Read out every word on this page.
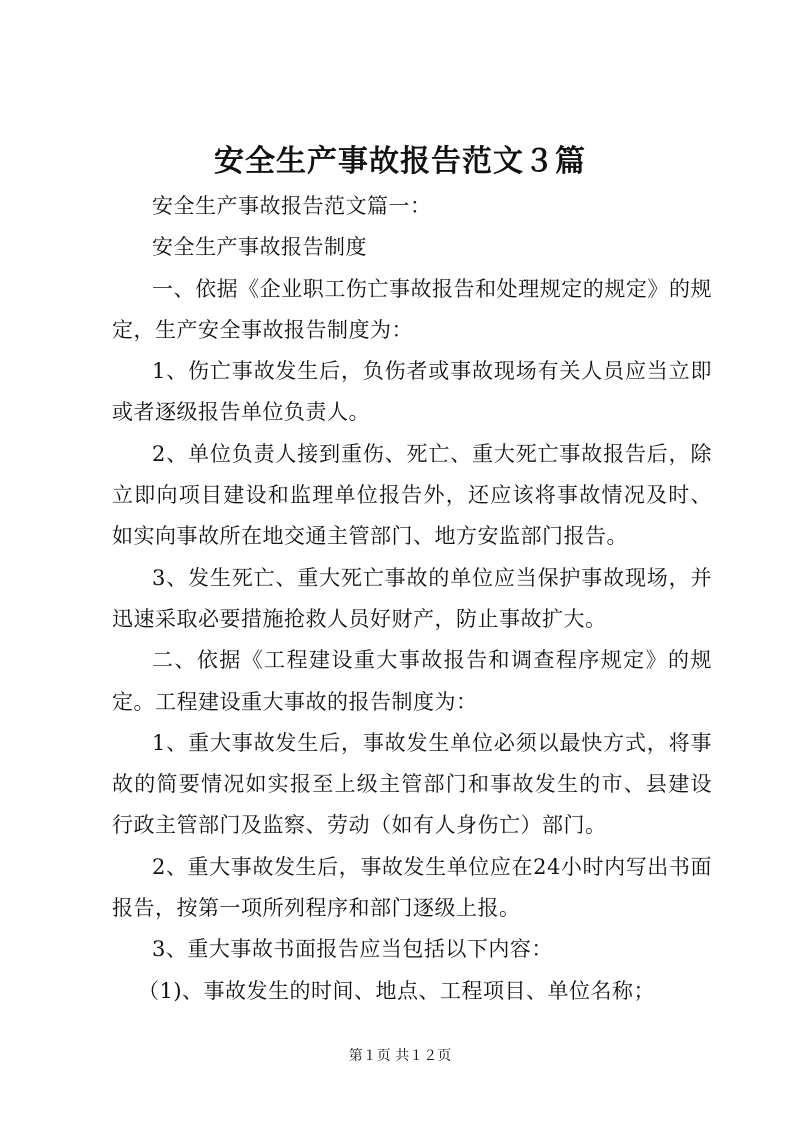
安全生产事故报告范文３篇

安全生产事故报告范文篇一：

安全生产事故报告制度

一、依据《企业职工伤亡事故报告和处理规定的规定》的规定，生产安全事故报告制度为：

1、伤亡事故发生后，负伤者或事故现场有关人员应当立即或者逐级报告单位负责人。

2、单位负责人接到重伤、死亡、重大死亡事故报告后，除立即向项目建设和监理单位报告外，还应该将事故情况及时、如实向事故所在地交通主管部门、地方安监部门报告。

3、发生死亡、重大死亡事故的单位应当保护事故现场，并迅速采取必要措施抢救人员好财产，防止事故扩大。

二、依据《工程建设重大事故报告和调查程序规定》的规定。工程建设重大事故的报告制度为：

1、重大事故发生后，事故发生单位必须以最快方式，将事故的简要情况如实报至上级主管部门和事故发生的市、县建设行政主管部门及监察、劳动（如有人身伤亡）部门。

2、重大事故发生后，事故发生单位应在24小时内写出书面报告，按第一项所列程序和部门逐级上报。

3、重大事故书面报告应当包括以下内容：

（1)、事故发生的时间、地点、工程项目、单位名称；

第１页 共１２页
